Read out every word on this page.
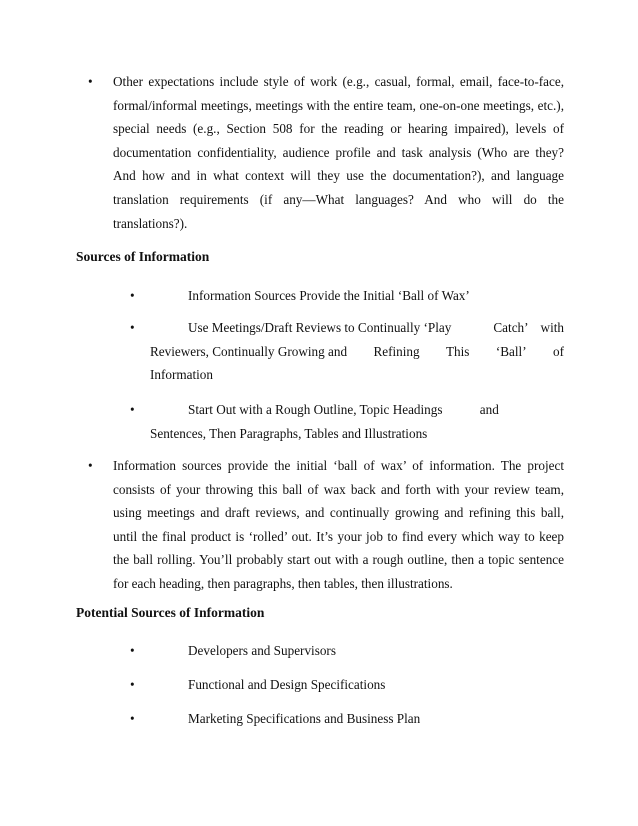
• Other expectations include style of work (e.g., casual, formal, email, face-to-face, formal/informal meetings, meetings with the entire team, one-on-one meetings, etc.), special needs (e.g., Section 508 for the reading or hearing impaired), levels of documentation confidentiality, audience profile and task analysis (Who are they? And how and in what context will they use the documentation?), and language translation requirements (if any—What languages? And who will do the translations?).
Sources of Information
•	Information Sources Provide the Initial ‘Ball of Wax’
•	Use Meetings/Draft Reviews to Continually ‘Play	Catch’ with
Reviewers, Continually Growing and Refining This ‘Ball’ of
Information
•	Start Out with a Rough Outline, Topic Headings	and
Sentences, Then Paragraphs, Tables and Illustrations
• Information sources provide the initial ‘ball of wax’ of information. The project consists of your throwing this ball of wax back and forth with your review team, using meetings and draft reviews, and continually growing and refining this ball, until the final product is ‘rolled’ out. It’s your job to find every which way to keep the ball rolling. You’ll probably start out with a rough outline, then a topic sentence for each heading, then paragraphs, then tables, then illustrations.
Potential Sources of Information
•	Developers and Supervisors
•	Functional and Design Specifications
•	Marketing Specifications and Business Plan
